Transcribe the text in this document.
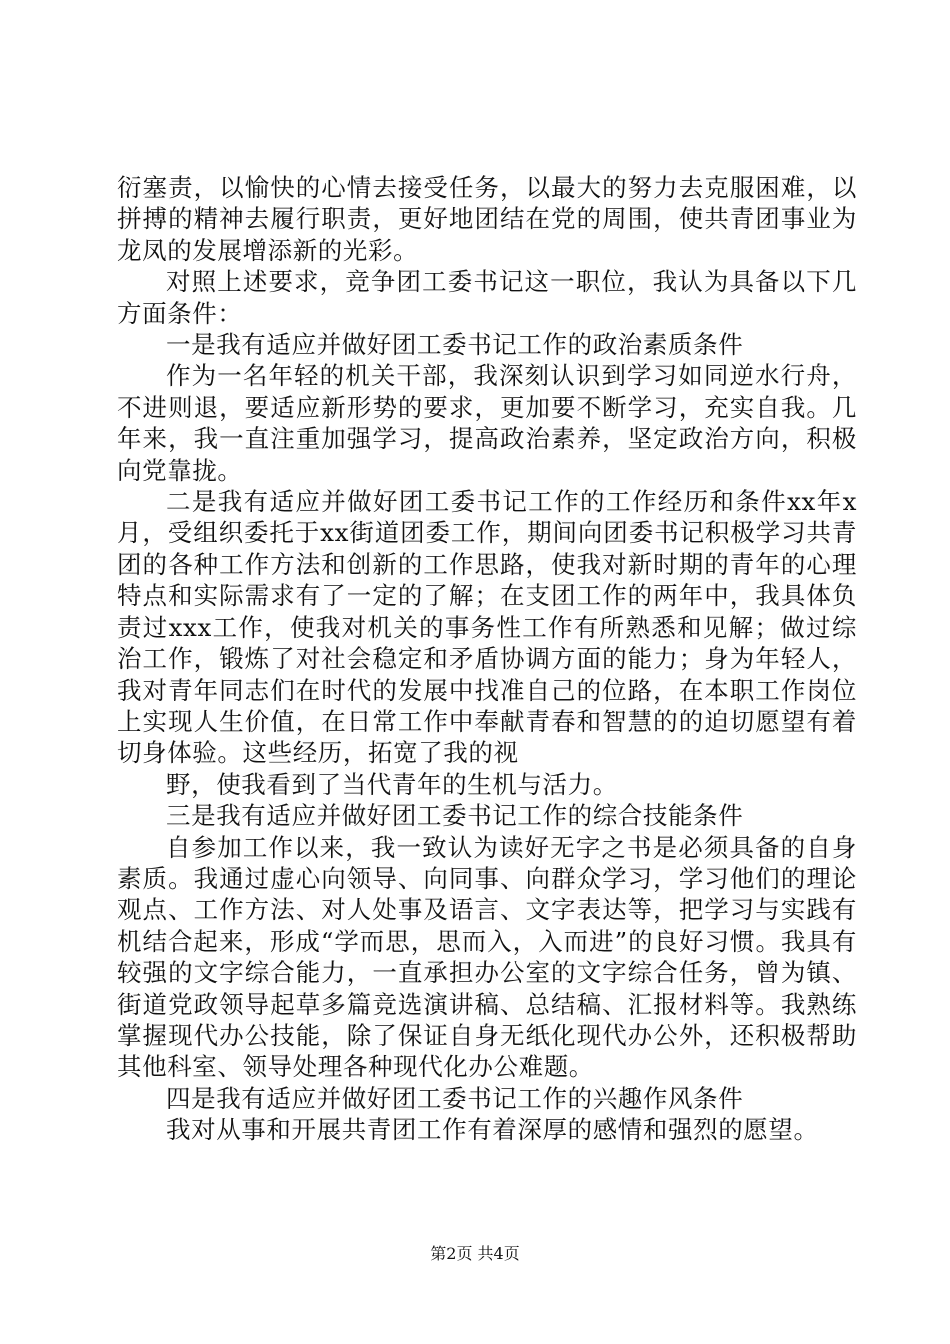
衍塞责，以愉快的心情去接受任务，以最大的努力去克服困难，以拼搏的精神去履行职责，更好地团结在党的周围，使共青团事业为龙凤的发展增添新的光彩。

对照上述要求，竞争团工委书记这一职位，我认为具备以下几方面条件：

一是我有适应并做好团工委书记工作的政治素质条件

作为一名年轻的机关干部，我深刻认识到学习如同逆水行舟，不进则退，要适应新形势的要求，更加要不断学习，充实自我。几年来，我一直注重加强学习，提高政治素养，坚定政治方向，积极向党靠拢。

二是我有适应并做好团工委书记工作的工作经历和条件xx年x月，受组织委托于xx街道团委工作，期间向团委书记积极学习共青团的各种工作方法和创新的工作思路，使我对新时期的青年的心理特点和实际需求有了一定的了解；在支团工作的两年中，我具体负责过xxx工作，使我对机关的事务性工作有所熟悉和见解；做过综治工作，锻炼了对社会稳定和矛盾协调方面的能力；身为年轻人，我对青年同志们在时代的发展中找准自己的位路，在本职工作岗位上实现人生价值，在日常工作中奉献青春和智慧的的迫切愿望有着切身体验。这些经历，拓宽了我的视

野，使我看到了当代青年的生机与活力。

三是我有适应并做好团工委书记工作的综合技能条件

自参加工作以来，我一致认为读好无字之书是必须具备的自身素质。我通过虚心向领导、向同事、向群众学习，学习他们的理论观点、工作方法、对人处事及语言、文字表达等，把学习与实践有机结合起来，形成“学而思，思而入，入而进”的良好习惯。我具有较强的文字综合能力，一直承担办公室的文字综合任务，曾为镇、街道党政领导起草多篇竞选演讲稿、总结稿、汇报材料等。我熟练掌握现代办公技能，除了保证自身无纸化现代办公外，还积极帮助其他科室、领导处理各种现代化办公难题。

四是我有适应并做好团工委书记工作的兴趣作风条件

我对从事和开展共青团工作有着深厚的感情和强烈的愿望。

第2页 共4页
